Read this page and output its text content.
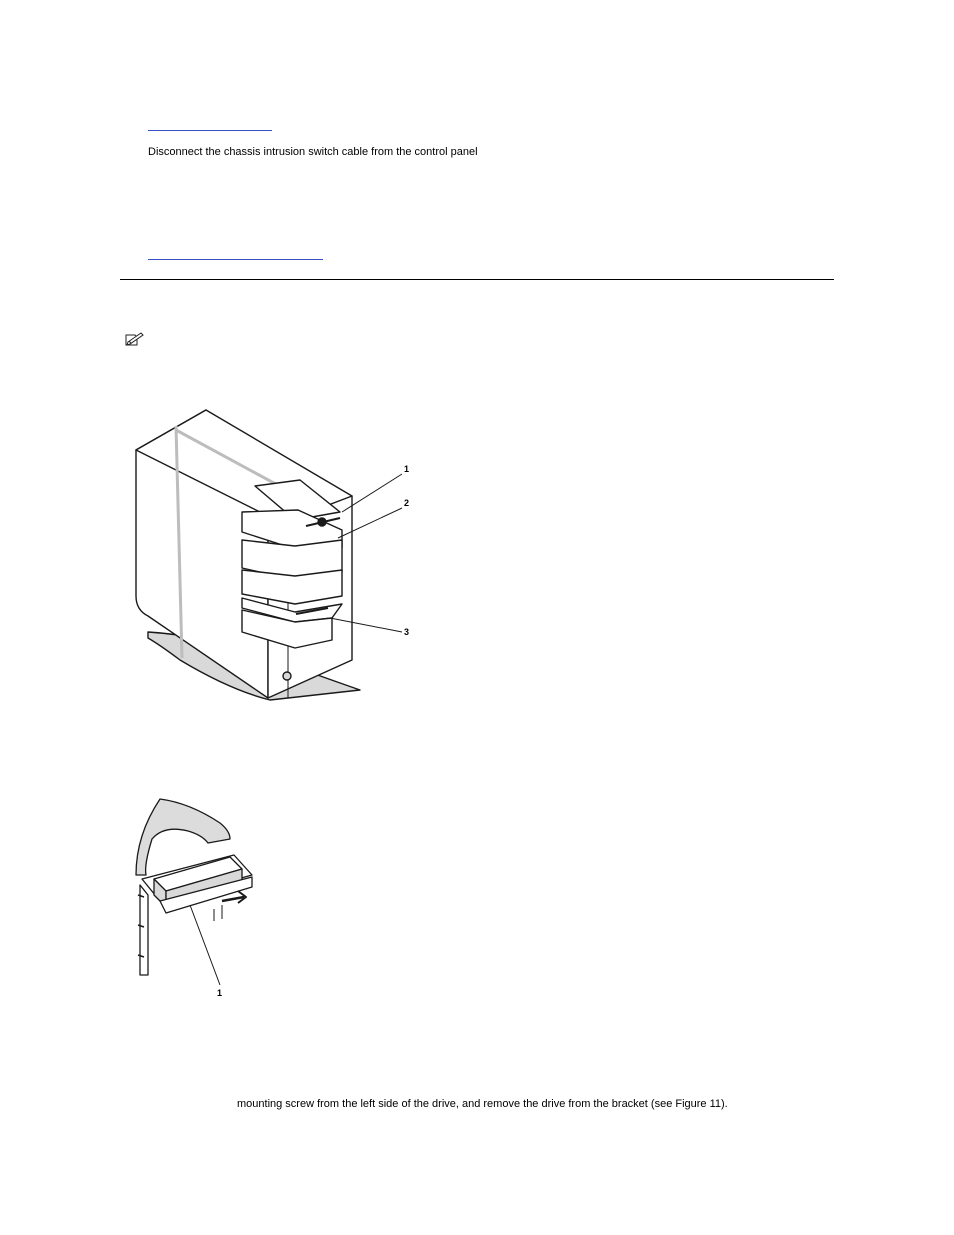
Disconnect the chassis intrusion switch cable from the control panel
1
2
3
1
mounting screw from the left side of the drive, and remove the drive from the bracket (see Figure 11).
